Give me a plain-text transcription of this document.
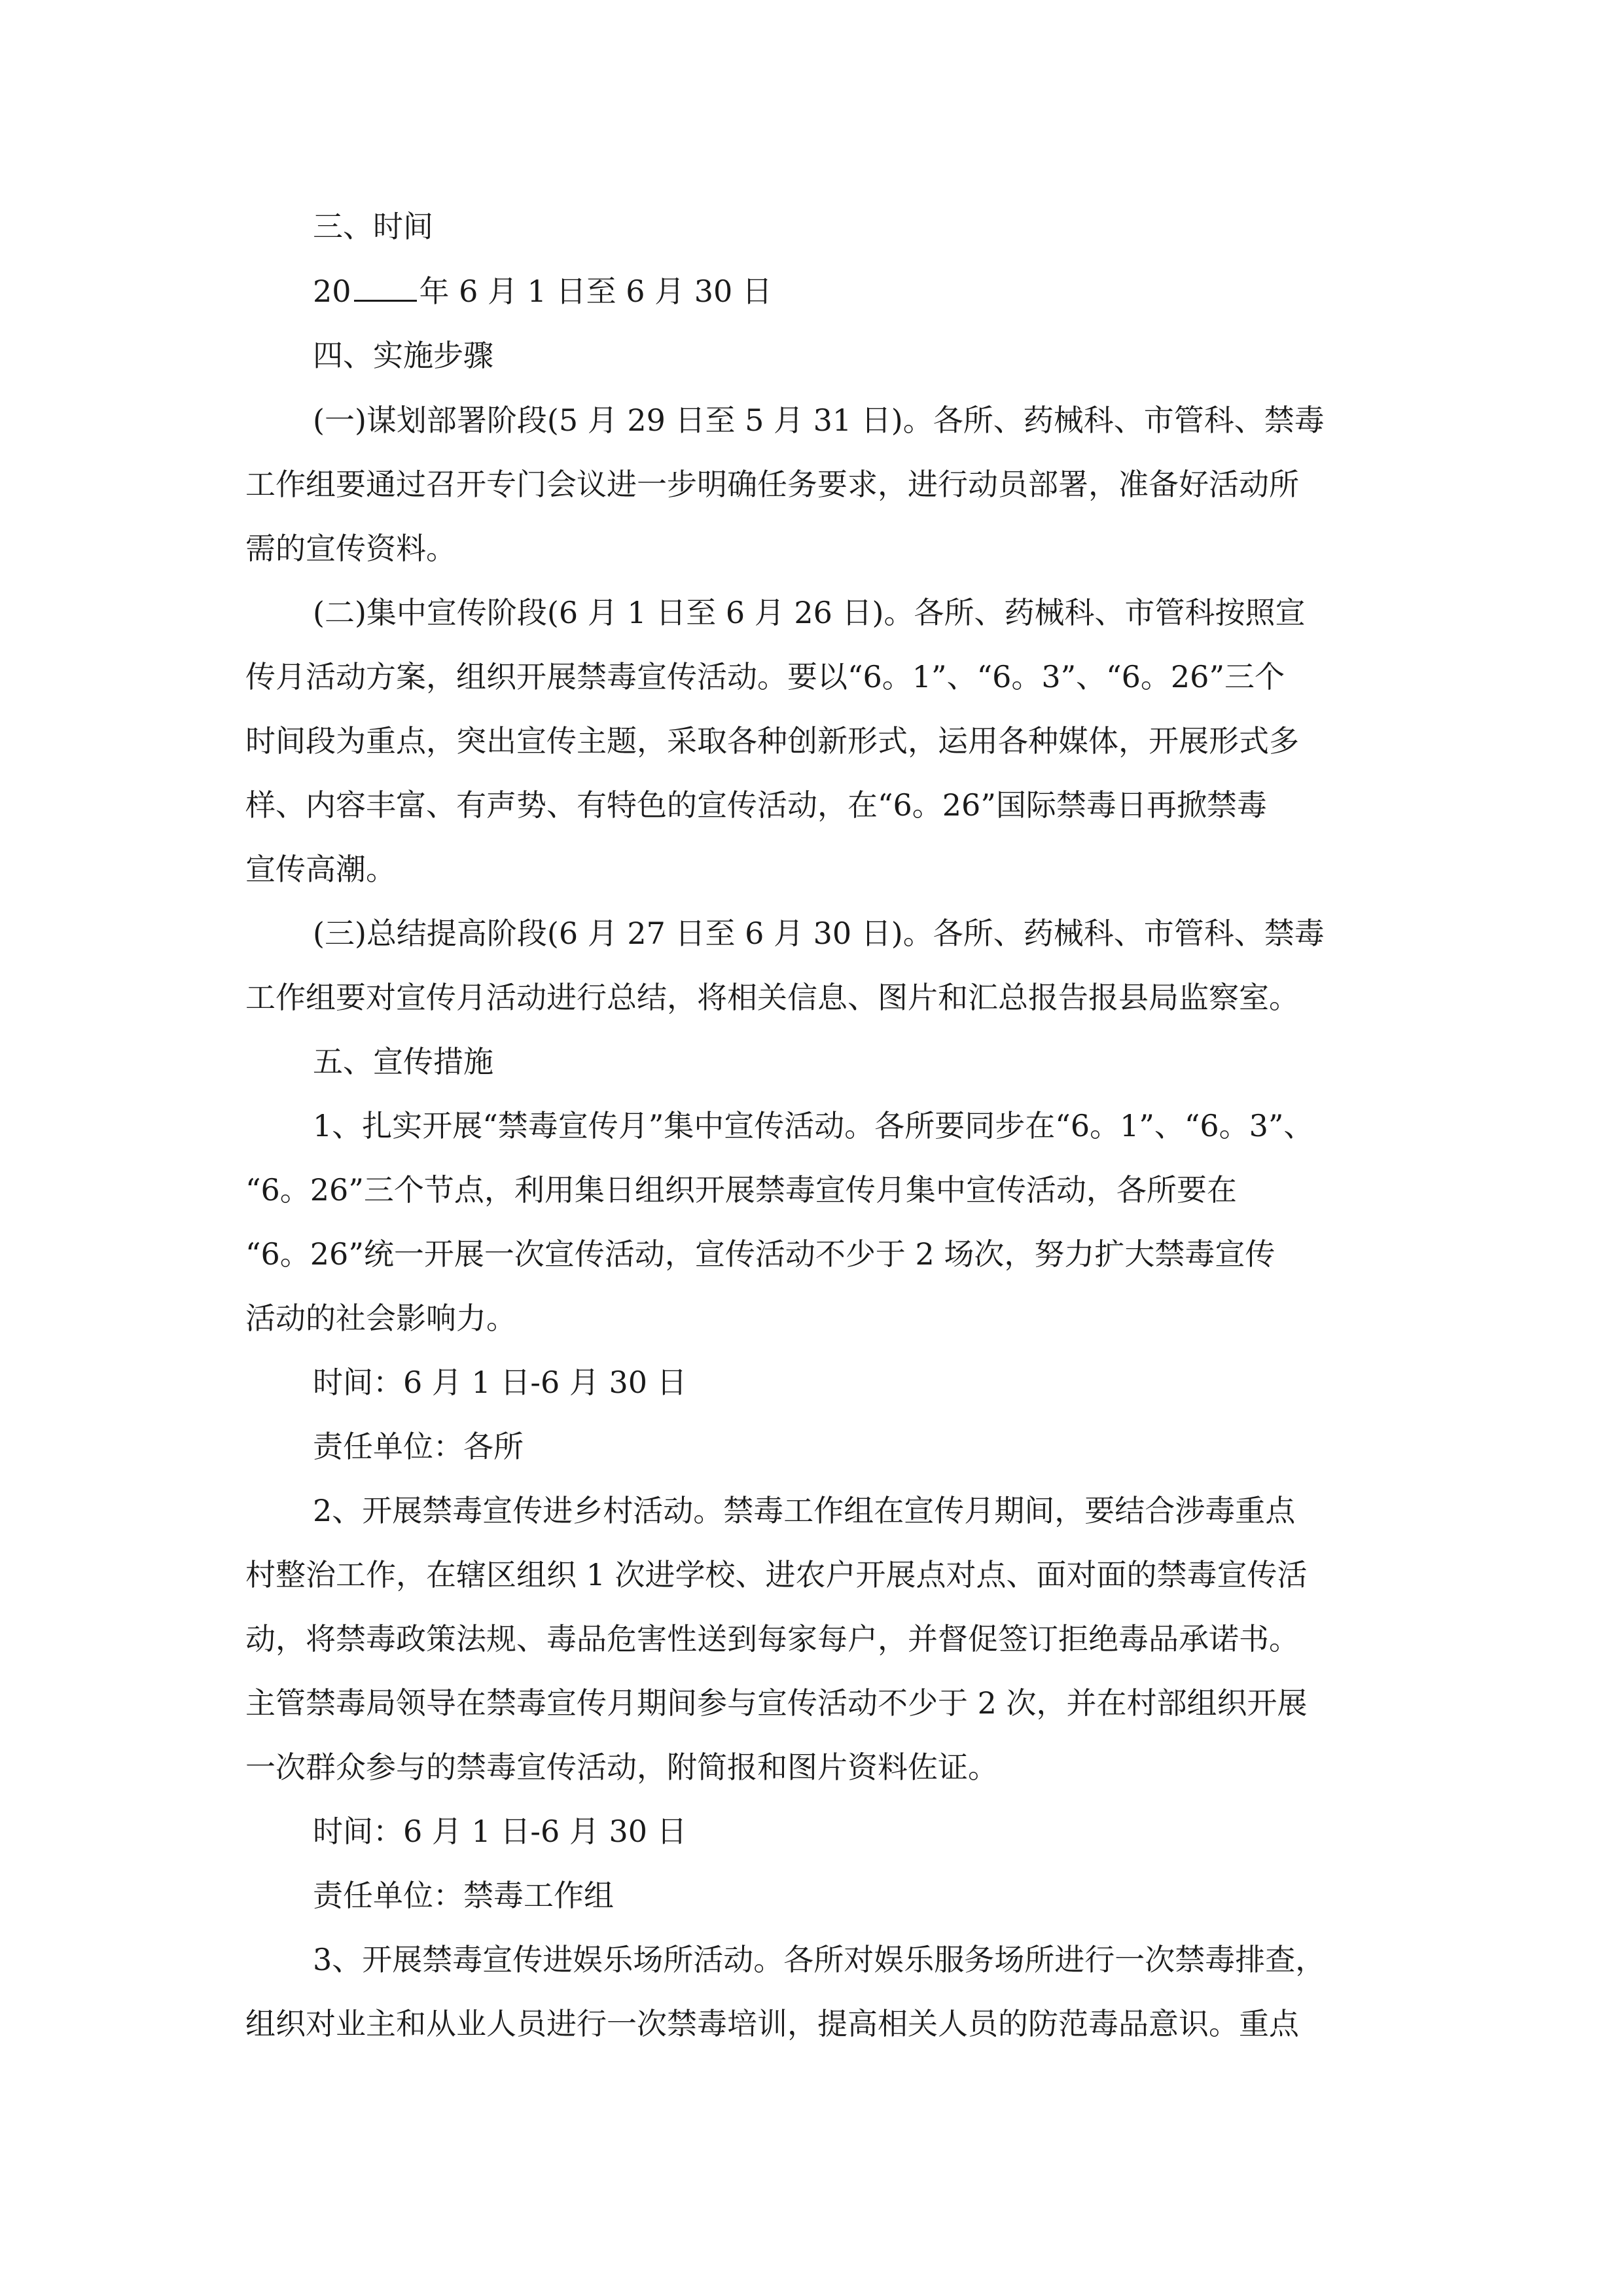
三、时间
20 年 6 月 1 日至 6 月 30 日
四、实施步骤
(一)谋划部署阶段(5 月 29 日至 5 月 31 日)。各所、药械科、市管科、禁毒
工作组要通过召开专门会议进一步明确任务要求，进行动员部署，准备好活动所
需的宣传资料。
(二)集中宣传阶段(6 月 1 日至 6 月 26 日)。各所、药械科、市管科按照宣
传月活动方案，组织开展禁毒宣传活动。要以“6。1”、“6。3”、“6。26”三个
时间段为重点，突出宣传主题，采取各种创新形式，运用各种媒体，开展形式多
样、内容丰富、有声势、有特色的宣传活动，在“6。26”国际禁毒日再掀禁毒
宣传高潮。
(三)总结提高阶段(6 月 27 日至 6 月 30 日)。各所、药械科、市管科、禁毒
工作组要对宣传月活动进行总结，将相关信息、图片和汇总报告报县局监察室。
五、宣传措施
1、扎实开展“禁毒宣传月”集中宣传活动。各所要同步在“6。1”、“6。3”、
“6。26”三个节点，利用集日组织开展禁毒宣传月集中宣传活动，各所要在
“6。26”统一开展一次宣传活动，宣传活动不少于 2 场次，努力扩大禁毒宣传
活动的社会影响力。
时间：6 月 1 日-6 月 30 日
责任单位：各所
2、开展禁毒宣传进乡村活动。禁毒工作组在宣传月期间，要结合涉毒重点
村整治工作，在辖区组织 1 次进学校、进农户开展点对点、面对面的禁毒宣传活
动，将禁毒政策法规、毒品危害性送到每家每户，并督促签订拒绝毒品承诺书。
主管禁毒局领导在禁毒宣传月期间参与宣传活动不少于 2 次，并在村部组织开展
一次群众参与的禁毒宣传活动，附简报和图片资料佐证。
时间：6 月 1 日-6 月 30 日
责任单位：禁毒工作组
3、开展禁毒宣传进娱乐场所活动。各所对娱乐服务场所进行一次禁毒排查，
组织对业主和从业人员进行一次禁毒培训，提高相关人员的防范毒品意识。重点
